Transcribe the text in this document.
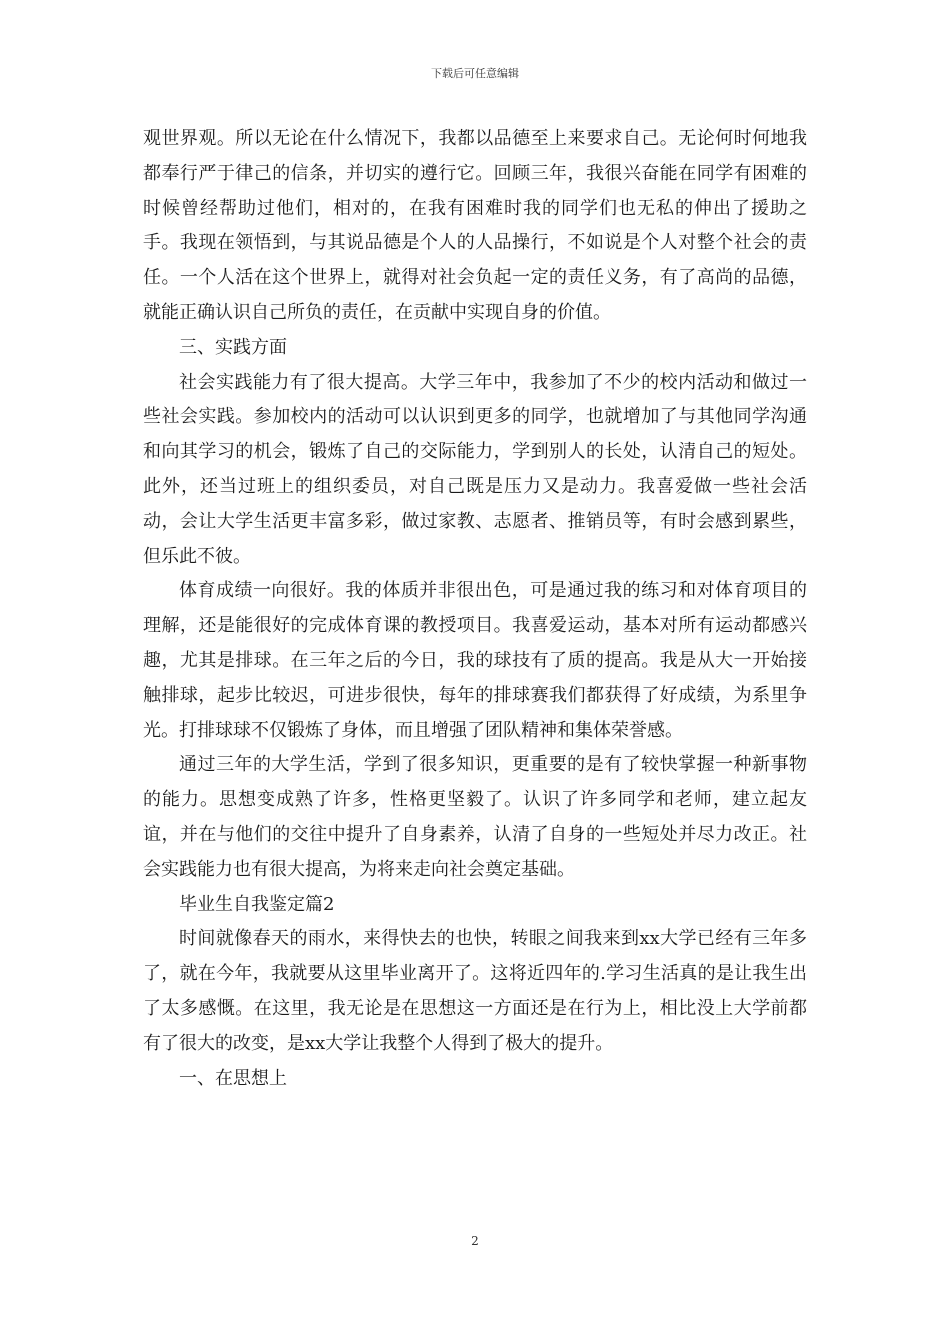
下载后可任意编辑

观世界观。所以无论在什么情况下，我都以品德至上来要求自己。无论何时何地我都奉行严于律己的信条，并切实的遵行它。回顾三年，我很兴奋能在同学有困难的时候曾经帮助过他们，相对的，在我有困难时我的同学们也无私的伸出了援助之手。我现在领悟到，与其说品德是个人的人品操行，不如说是个人对整个社会的责任。一个人活在这个世界上，就得对社会负起一定的责任义务，有了高尚的品德，就能正确认识自己所负的责任，在贡献中实现自身的价值。

三、实践方面

社会实践能力有了很大提高。大学三年中，我参加了不少的校内活动和做过一些社会实践。参加校内的活动可以认识到更多的同学，也就增加了与其他同学沟通和向其学习的机会，锻炼了自己的交际能力，学到别人的长处，认清自己的短处。此外，还当过班上的组织委员，对自己既是压力又是动力。我喜爱做一些社会活动，会让大学生活更丰富多彩，做过家教、志愿者、推销员等，有时会感到累些，但乐此不彼。

体育成绩一向很好。我的体质并非很出色，可是通过我的练习和对体育项目的理解，还是能很好的完成体育课的教授项目。我喜爱运动，基本对所有运动都感兴趣，尤其是排球。在三年之后的今日，我的球技有了质的提高。我是从大一开始接触排球，起步比较迟，可进步很快，每年的排球赛我们都获得了好成绩，为系里争光。打排球球不仅锻炼了身体，而且增强了团队精神和集体荣誉感。

通过三年的大学生活，学到了很多知识，更重要的是有了较快掌握一种新事物的能力。思想变成熟了许多，性格更坚毅了。认识了许多同学和老师，建立起友谊，并在与他们的交往中提升了自身素养，认清了自身的一些短处并尽力改正。社会实践能力也有很大提高，为将来走向社会奠定基础。

毕业生自我鉴定篇2

时间就像春天的雨水，来得快去的也快，转眼之间我来到xx大学已经有三年多了，就在今年，我就要从这里毕业离开了。这将近四年的.学习生活真的是让我生出了太多感慨。在这里，我无论是在思想这一方面还是在行为上，相比没上大学前都有了很大的改变，是xx大学让我整个人得到了极大的提升。

一、在思想上

2
